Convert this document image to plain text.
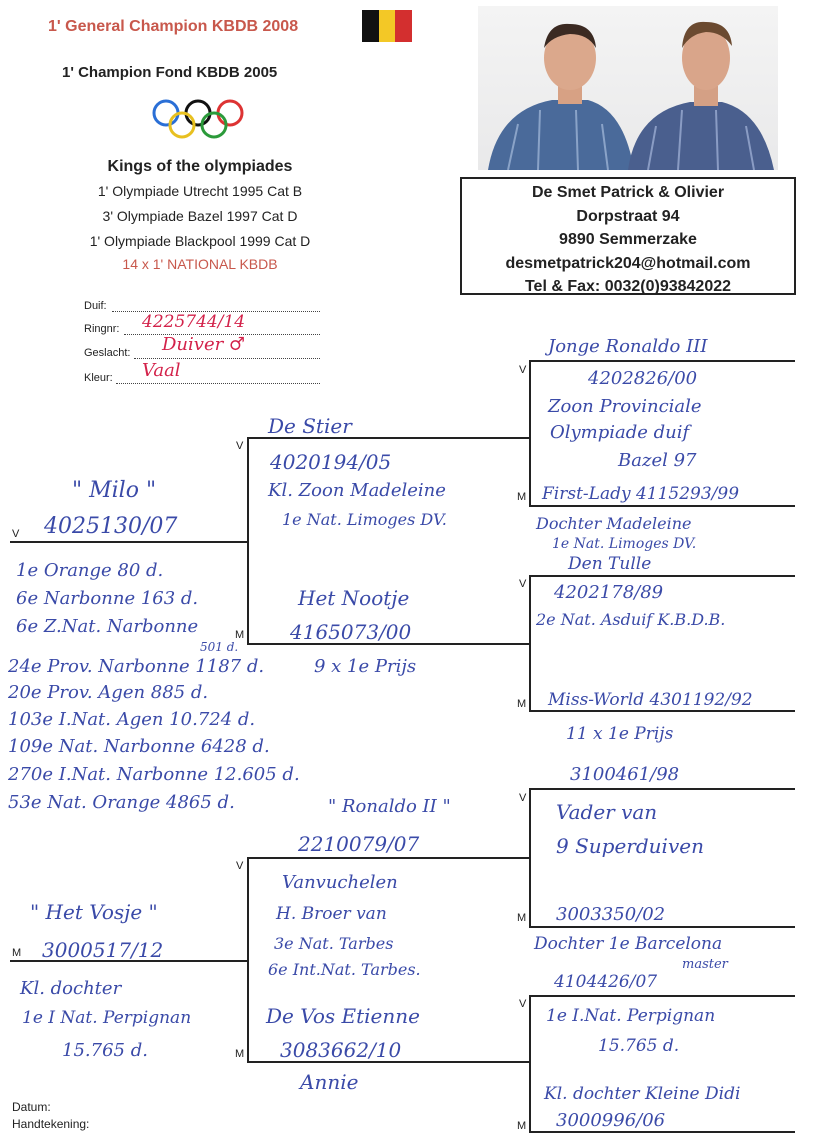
1' General Champion KBDB 2008
1' Champion Fond KBDB 2005
Kings of the olympiades
1' Olympiade Utrecht 1995 Cat B
3' Olympiade Bazel 1997 Cat D
1' Olympiade Blackpool 1999 Cat D
14 x 1' NATIONAL KBDB
De Smet Patrick & Olivier
Dorpstraat 94
9890 Semmerzake
desmetpatrick204@hotmail.com
Tel & Fax: 0032(0)93842022
Duif:
Ringnr: 4225744/14
Geslacht: Duiver ♂
Kleur: Vaal
V
V
M
V
M
V
M
V
V
M
M
V
M
M
" Milo "
4025130/07
1e Orange 80 d.
6e Narbonne 163 d.
6e Z.Nat. Narbonne
501 d.
24e Prov. Narbonne 1187 d.
20e Prov. Agen 885 d.
103e I.Nat. Agen 10.724 d.
109e Nat. Narbonne 6428 d.
270e I.Nat. Narbonne 12.605 d.
53e Nat. Orange 4865 d.
De Stier
4020194/05
Kl. Zoon Madeleine
1e Nat. Limoges DV.
Het Nootje
4165073/00
9 x 1e Prijs
Jonge Ronaldo III
4202826/00
Zoon Provinciale
Olympiade duif
Bazel 97
First-Lady 4115293/99
Dochter Madeleine
1e Nat. Limoges DV.
Den Tulle
4202178/89
2e Nat. Asduif K.B.D.B.
Miss-World 4301192/92
11 x 1e Prijs
" Het Vosje "
3000517/12
Kl. dochter
1e I Nat. Perpignan
15.765 d.
" Ronaldo II "
2210079/07
Vanvuchelen
H. Broer van
3e Nat. Tarbes
6e Int.Nat. Tarbes.
De Vos Etienne
3083662/10
Annie
3100461/98
Vader van
9 Superduiven
3003350/02
Dochter 1e Barcelona
master
4104426/07
1e I.Nat. Perpignan
15.765 d.
Kl. dochter Kleine Didi
3000996/06
Datum:
Handtekening:
